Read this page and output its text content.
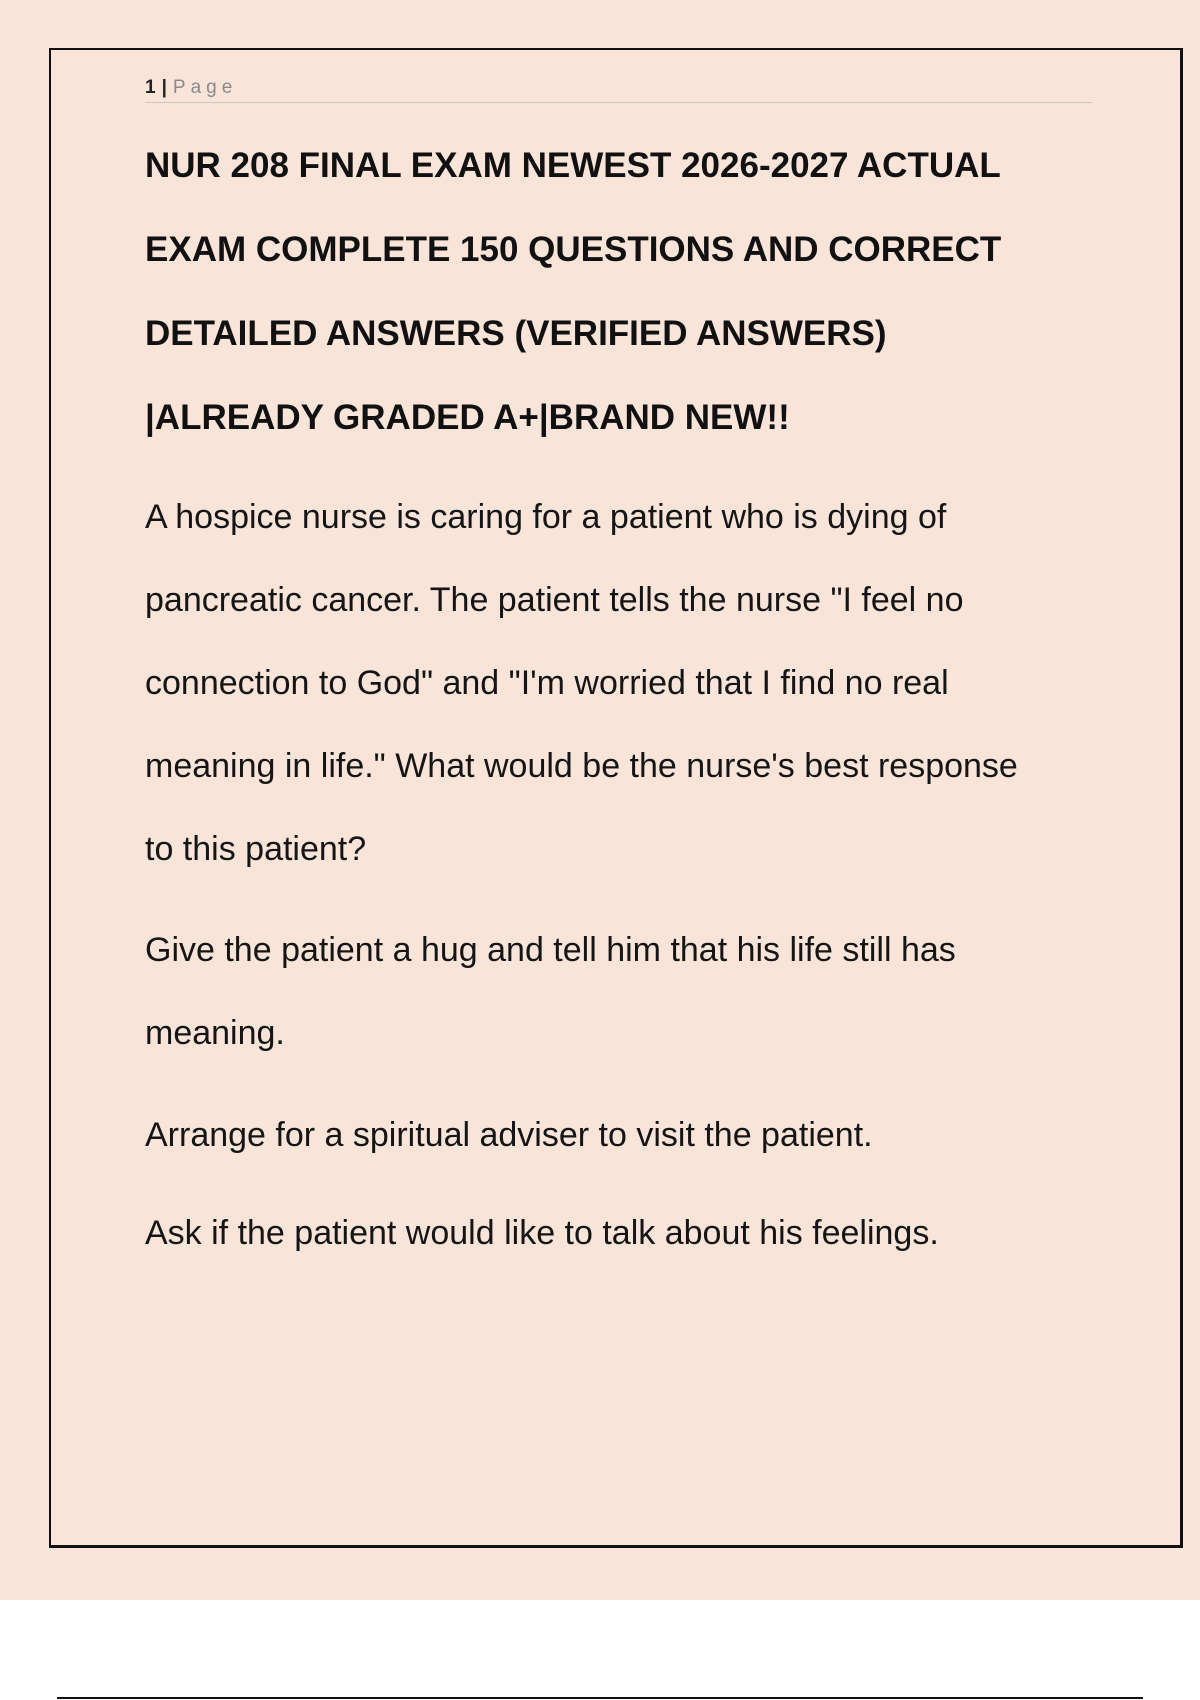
1 | Page
NUR 208 FINAL EXAM NEWEST 2026-2027 ACTUAL
EXAM COMPLETE 150 QUESTIONS AND CORRECT
DETAILED ANSWERS (VERIFIED ANSWERS)
|ALREADY GRADED A+|BRAND NEW!!

A hospice nurse is caring for a patient who is dying of
pancreatic cancer. The patient tells the nurse "I feel no
connection to God" and "I'm worried that I find no real
meaning in life." What would be the nurse's best response
to this patient?

Give the patient a hug and tell him that his life still has
meaning.

Arrange for a spiritual adviser to visit the patient.

Ask if the patient would like to talk about his feelings.
